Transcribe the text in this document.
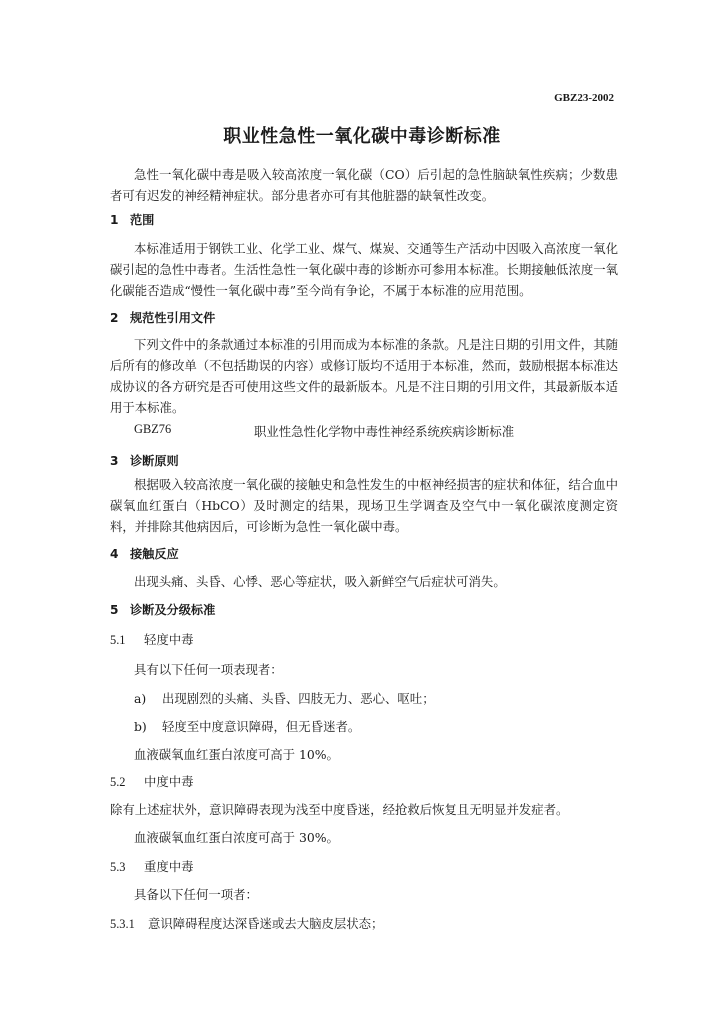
GBZ23-2002
职业性急性一氧化碳中毒诊断标准
急性一氧化碳中毒是吸入较高浓度一氧化碳（CO）后引起的急性脑缺氧性疾病；少数患者可有迟发的神经精神症状。部分患者亦可有其他脏器的缺氧性改变。
1 范围
本标准适用于钢铁工业、化学工业、煤气、煤炭、交通等生产活动中因吸入高浓度一氧化碳引起的急性中毒者。生活性急性一氧化碳中毒的诊断亦可参用本标准。长期接触低浓度一氧化碳能否造成“慢性一氧化碳中毒”至今尚有争论，不属于本标准的应用范围。
2 规范性引用文件
下列文件中的条款通过本标准的引用而成为本标准的条款。凡是注日期的引用文件，其随后所有的修改单（不包括勘误的内容）或修订版均不适用于本标准，然而，鼓励根据本标准达成协议的各方研究是否可使用这些文件的最新版本。凡是不注日期的引用文件，其最新版本适用于本标准。
GBZ76	职业性急性化学物中毒性神经系统疾病诊断标准
3 诊断原则
根据吸入较高浓度一氧化碳的接触史和急性发生的中枢神经损害的症状和体征，结合血中碳氧血红蛋白（HbCO）及时测定的结果，现场卫生学调查及空气中一氧化碳浓度测定资料，并排除其他病因后，可诊断为急性一氧化碳中毒。
4 接触反应
出现头痛、头昏、心悸、恶心等症状，吸入新鲜空气后症状可消失。
5 诊断及分级标准
5.1 轻度中毒
具有以下任何一项表现者：
a) 出现剧烈的头痛、头昏、四肢无力、恶心、呕吐；
b) 轻度至中度意识障碍，但无昏迷者。
血液碳氧血红蛋白浓度可高于 10%。
5.2 中度中毒
除有上述症状外，意识障碍表现为浅至中度昏迷，经抢救后恢复且无明显并发症者。
血液碳氧血红蛋白浓度可高于 30%。
5.3 重度中毒
具备以下任何一项者：
5.3.1 意识障碍程度达深昏迷或去大脑皮层状态；
